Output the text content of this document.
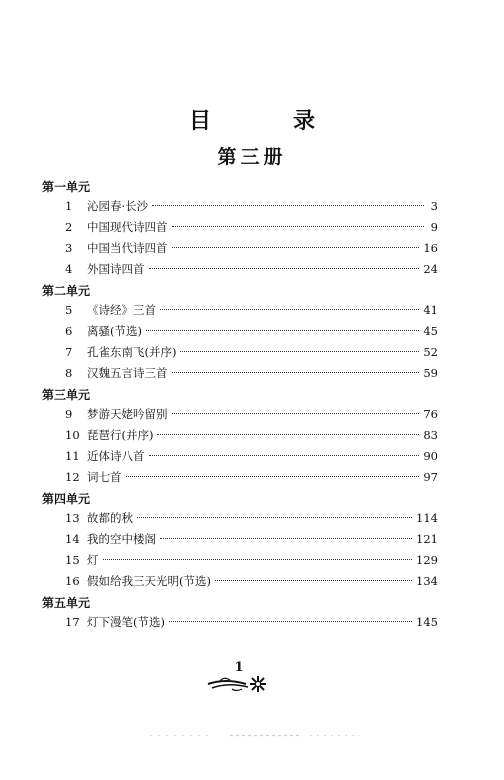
目　录
第三册
第一单元
1	沁园春·长沙	3
2	中国现代诗四首	9
3	中国当代诗四首	16
4	外国诗四首	24
第二单元
5	《诗经》三首	41
6	离骚(节选)	45
7	孔雀东南飞(并序)	52
8	汉魏五言诗三首	59
第三单元
9	梦游天姥吟留别	76
10 琵琶行(并序)	83
11 近体诗八首	90
12 词七首	97
第四单元
13 故都的秋	114
14 我的空中楼阁	121
15 灯	129
16 假如给我三天光明(节选)	134
第五单元
17 灯下漫笔(节选)	145
1
